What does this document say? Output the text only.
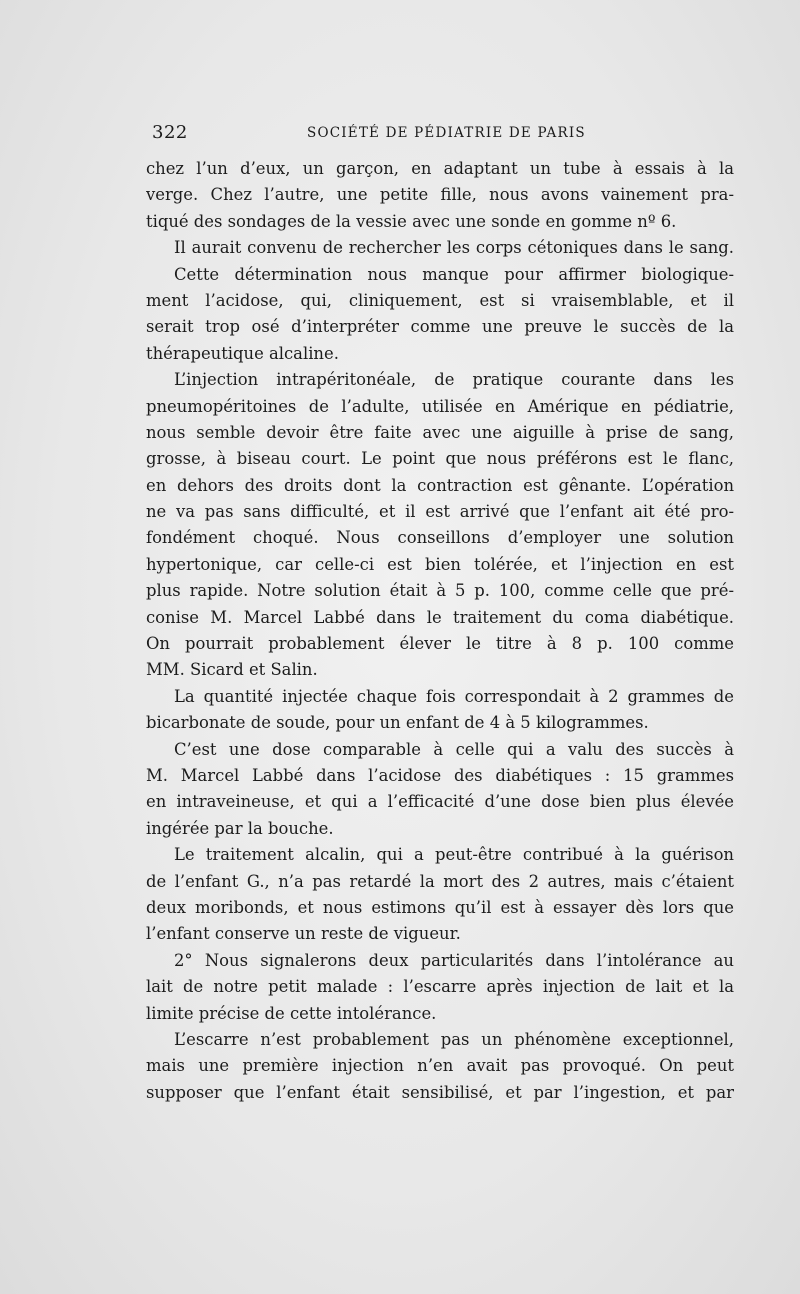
322	SOCIÉTÉ DE PÉDIATRIE DE PARIS
chez l’un d’eux, un garçon, en adaptant un tube à essais à la
verge. Chez l’autre, une petite fille, nous avons vainement pra-
tiqué des sondages de la vessie avec une sonde en gomme nº 6.
Il aurait convenu de rechercher les corps cétoniques dans le sang.
Cette détermination nous manque pour affirmer biologique-
ment l’acidose, qui, cliniquement, est si vraisemblable, et il
serait trop osé d’interpréter comme une preuve le succès de la
thérapeutique alcaline.
L’injection intrapéritonéale, de pratique courante dans les
pneumopéritoines de l’adulte, utilisée en Amérique en pédiatrie,
nous semble devoir être faite avec une aiguille à prise de sang,
grosse, à biseau court. Le point que nous préférons est le flanc,
en dehors des droits dont la contraction est gênante. L’opération
ne va pas sans difficulté, et il est arrivé que l’enfant ait été pro-
fondément choqué. Nous conseillons d’employer une solution
hypertonique, car celle-ci est bien tolérée, et l’injection en est
plus rapide. Notre solution était à 5 p. 100, comme celle que pré-
conise M. Marcel Labbé dans le traitement du coma diabétique.
On pourrait probablement élever le titre à 8 p. 100 comme
MM. Sicard et Salin.
La quantité injectée chaque fois correspondait à 2 grammes de
bicarbonate de soude, pour un enfant de 4 à 5 kilogrammes.
C’est une dose comparable à celle qui a valu des succès à
M. Marcel Labbé dans l’acidose des diabétiques : 15 grammes
en intraveineuse, et qui a l’efficacité d’une dose bien plus élevée
ingérée par la bouche.
Le traitement alcalin, qui a peut-être contribué à la guérison
de l’enfant G., n’a pas retardé la mort des 2 autres, mais c’étaient
deux moribonds, et nous estimons qu’il est à essayer dès lors que
l’enfant conserve un reste de vigueur.
2° Nous signalerons deux particularités dans l’intolérance au
lait de notre petit malade : l’escarre après injection de lait et la
limite précise de cette intolérance.
L’escarre n’est probablement pas un phénomène exceptionnel,
mais une première injection n’en avait pas provoqué. On peut
supposer que l’enfant était sensibilisé, et par l’ingestion, et par
